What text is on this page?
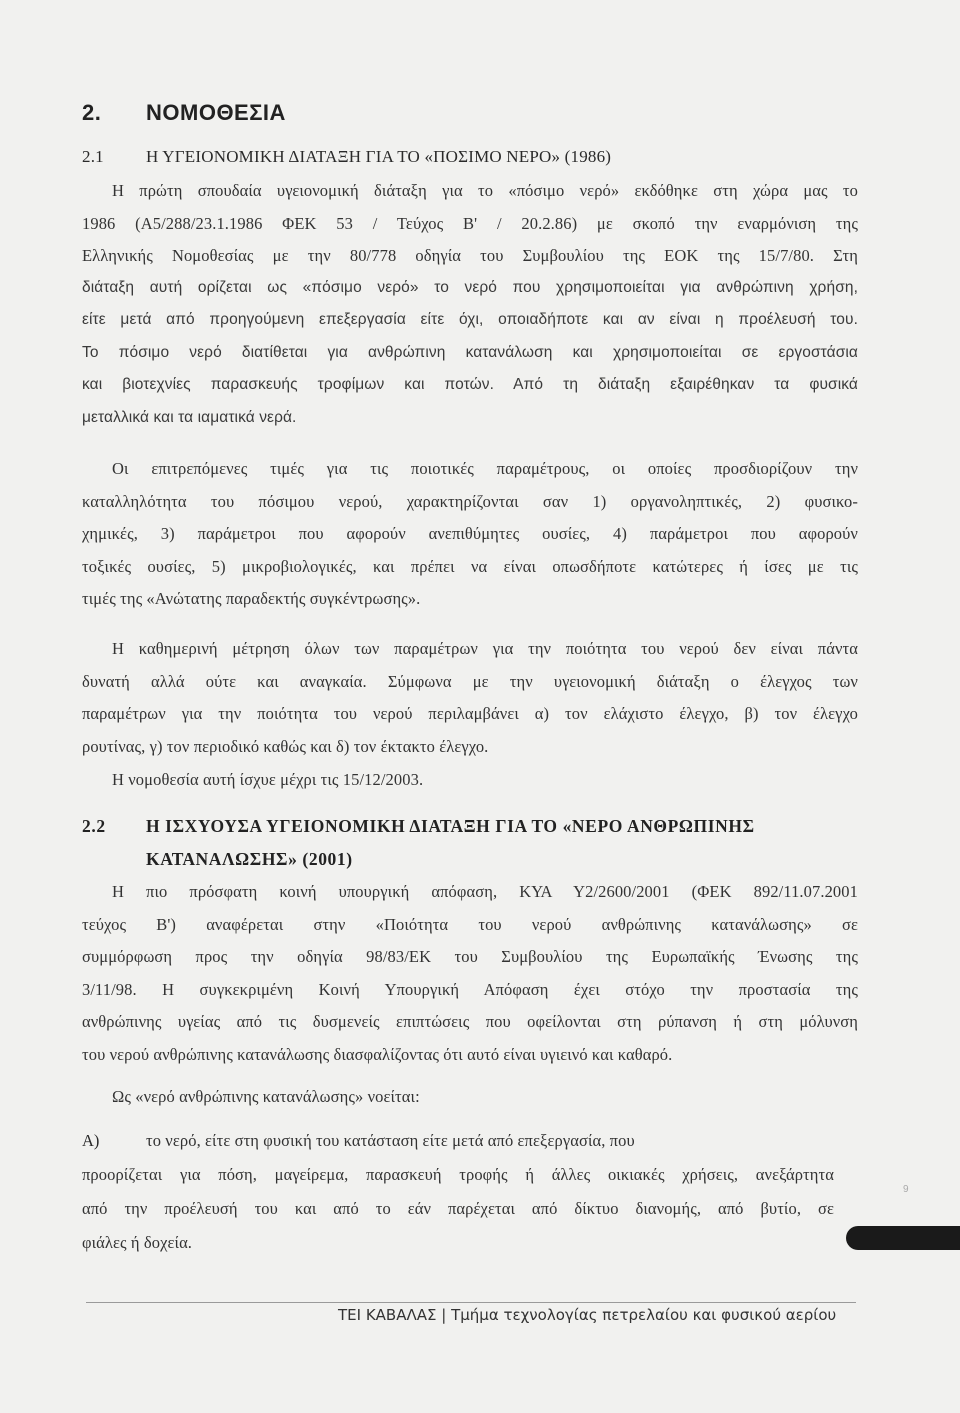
2. ΝΟΜΟΘΕΣΙΑ
2.1 Η ΥΓΕΙΟΝΟΜΙΚΗ ΔΙΑΤΑΞΗ ΓΙΑ ΤΟ «ΠΟΣΙΜΟ ΝΕΡΟ» (1986)
2.2 Η ΙΣΧΥΟΥΣΑ ΥΓΕΙΟΝΟΜΙΚΗ ΔΙΑΤΑΞΗ ΓΙΑ ΤΟ «ΝΕΡΟ ΑΝΘΡΩΠΙΝΗΣ
ΚΑΤΑΝΑΛΩΣΗΣ» (2001)
Α)	το νερό, είτε στη φυσική του κατάσταση είτε μετά από επεξεργασία, που
9
ΤΕΙ ΚΑΒΑΛΑΣ | Τμήμα τεχνολογίας πετρελαίου και φυσικού αερίου
Η πρώτη σπουδαία υγειονομική διάταξη για το «πόσιμο νερό» εκδόθηκε στη χώρα μας το
1986 (Α5/288/23.1.1986 ΦΕΚ 53 / Τεύχος Β' / 20.2.86) με σκοπό την εναρμόνιση της
Ελληνικής Νομοθεσίας με την 80/778 οδηγία του Συμβουλίου της ΕΟΚ της 15/7/80. Στη
διάταξη αυτή ορίζεται ως «πόσιμο νερό» το νερό που χρησιμοποιείται για ανθρώπινη χρήση,
είτε μετά από προηγούμενη επεξεργασία είτε όχι, οποιαδήποτε και αν είναι η προέλευσή του.
Το πόσιμο νερό διατίθεται για ανθρώπινη κατανάλωση και χρησιμοποιείται σε εργοστάσια
και βιοτεχνίες παρασκευής τροφίμων και ποτών. Από τη διάταξη εξαιρέθηκαν τα φυσικά
μεταλλικά και τα ιαματικά νερά.
Οι επιτρεπόμενες τιμές για τις ποιοτικές παραμέτρους, οι οποίες προσδιορίζουν την
καταλληλότητα του πόσιμου νερού, χαρακτηρίζονται σαν 1) οργανοληπτικές, 2) φυσικο-
χημικές, 3) παράμετροι που αφορούν ανεπιθύμητες ουσίες, 4) παράμετροι που αφορούν
τοξικές ουσίες, 5) μικροβιολογικές, και πρέπει να είναι οπωσδήποτε κατώτερες ή ίσες με τις
τιμές της «Ανώτατης παραδεκτής συγκέντρωσης».
Η καθημερινή μέτρηση όλων των παραμέτρων για την ποιότητα του νερού δεν είναι πάντα
δυνατή αλλά ούτε και αναγκαία. Σύμφωνα με την υγειονομική διάταξη ο έλεγχος των
παραμέτρων για την ποιότητα του νερού περιλαμβάνει α) τον ελάχιστο έλεγχο, β) τον έλεγχο
ρουτίνας, γ) τον περιοδικό καθώς και δ) τον έκτακτο έλεγχο.
Η νομοθεσία αυτή ίσχυε μέχρι τις 15/12/2003.
Η πιο πρόσφατη κοινή υπουργική απόφαση, ΚΥΑ Υ2/2600/2001 (ΦΕΚ 892/11.07.2001
τεύχος Β') αναφέρεται στην «Ποιότητα του νερού ανθρώπινης κατανάλωσης» σε
συμμόρφωση προς την οδηγία 98/83/ΕΚ του Συμβουλίου της Ευρωπαϊκής Ένωσης της
3/11/98. Η συγκεκριμένη Κοινή Υπουργική Απόφαση έχει στόχο την προστασία της
ανθρώπινης υγείας από τις δυσμενείς επιπτώσεις που οφείλονται στη ρύπανση ή στη μόλυνση
του νερού ανθρώπινης κατανάλωσης διασφαλίζοντας ότι αυτό είναι υγιεινό και καθαρό.
Ως «νερό ανθρώπινης κατανάλωσης» νοείται:
προορίζεται για πόση, μαγείρεμα, παρασκευή τροφής ή άλλες οικιακές χρήσεις, ανεξάρτητα
από την προέλευσή του και από το εάν παρέχεται από δίκτυο διανομής, από βυτίο, σε
φιάλες ή δοχεία.
